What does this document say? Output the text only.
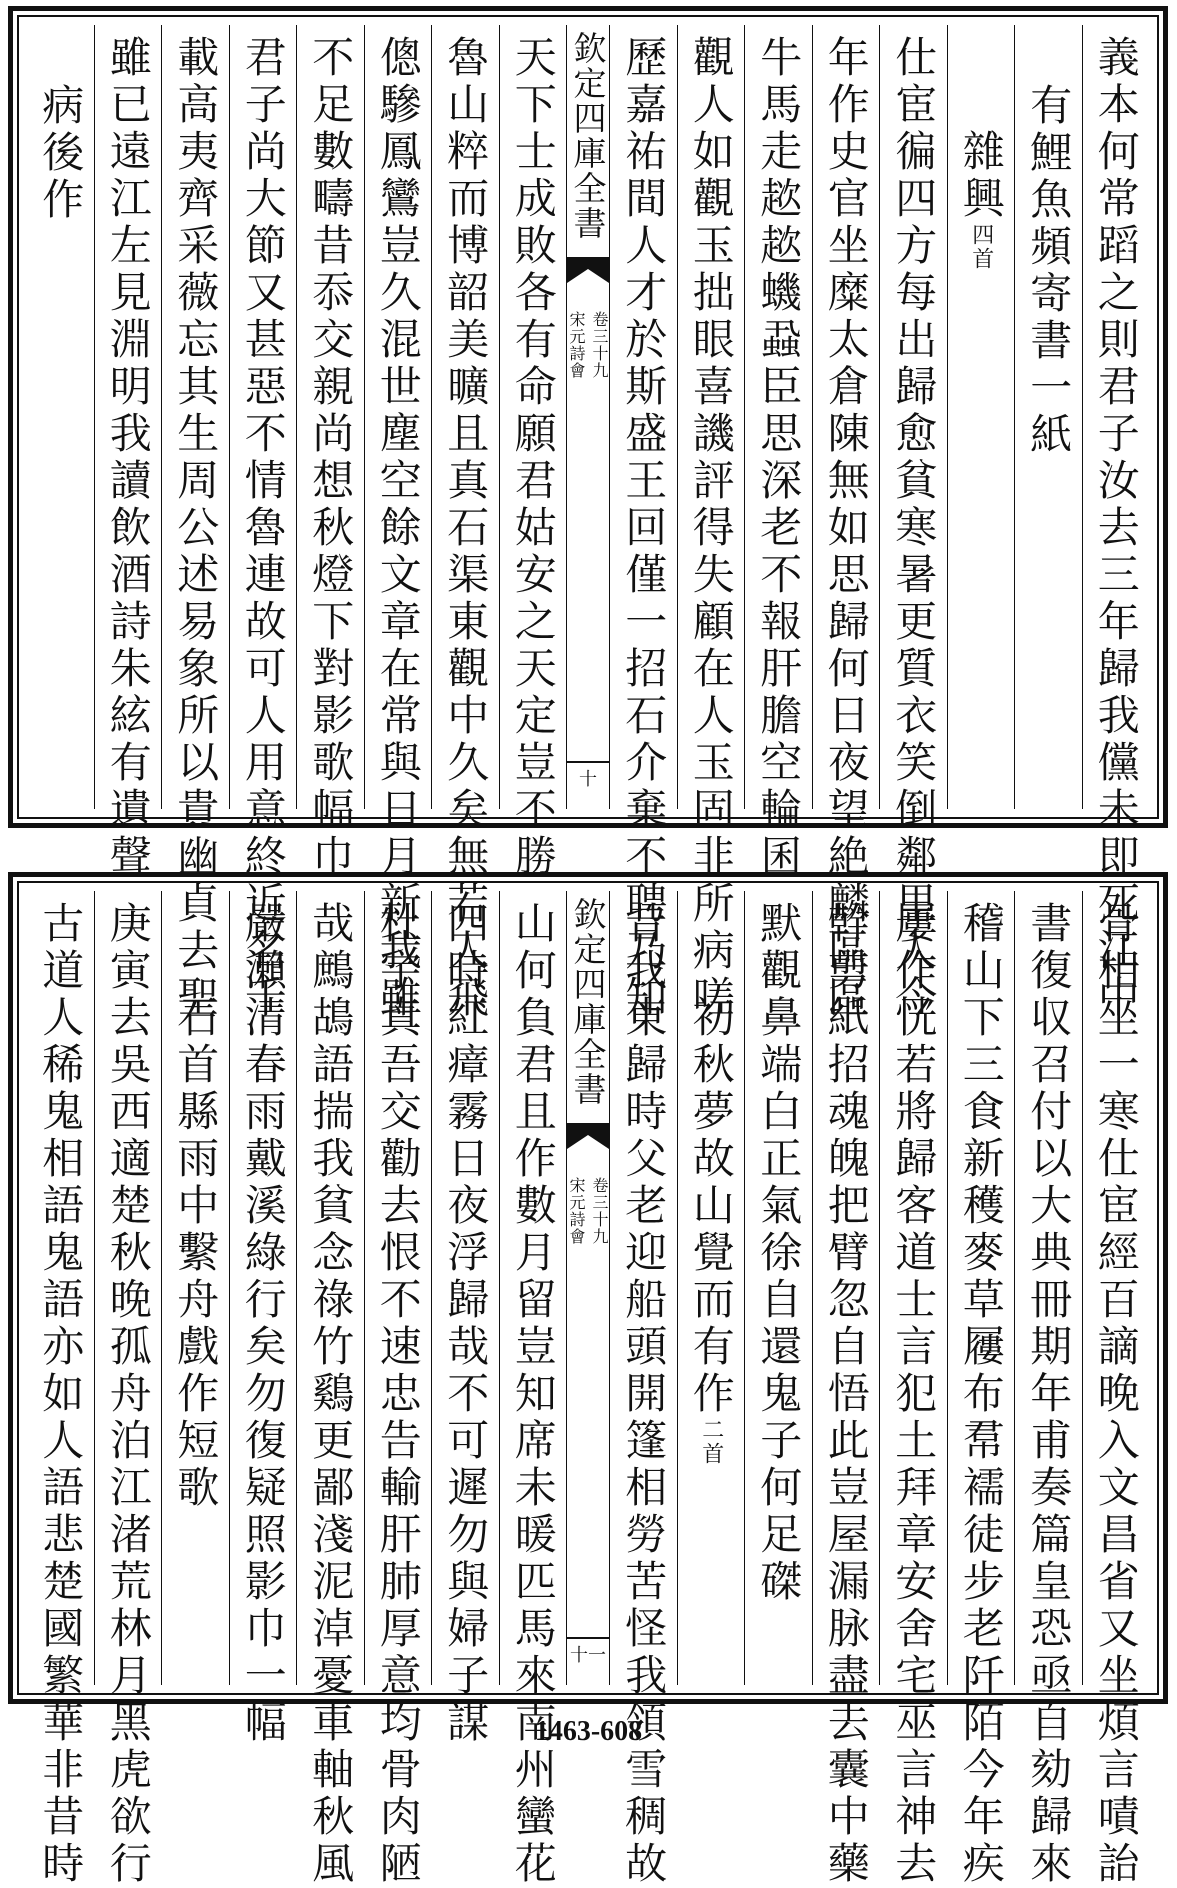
義本何常蹈之則君子汝去三年歸我儻未即死江中
有鯉魚頻寄書一紙
雜興四首
仕宦徧四方每出歸愈貧寒暑更質衣笑倒鄰里人今
年作史官坐糜太倉陳無如思歸何日夜望絶麟區區
牛馬走趑趑蟣蝨臣思深老不報肝膽空輪囷
觀人如觀玉拙眼喜譏評得失顧在人玉固非所病嗟
歷嘉祐間人才於斯盛王回僅一招石介棄不聘乃知
欽定四庫全書
宋元詩會 卷三十九
十
天下士成敗各有命願君姑安之天定豈不勝
魯山粹而博韶美曠且真石渠東觀中久矣無若人飛
傯驂鳳鸞豈久混世塵空餘文章在常與日月新我雖
不足數疇昔忝交親尚想秋燈下對影歌幅巾
君子尚大節又甚惡不情魯連故可人用意終近名千
載高夷齊采薇忘其生周公述易象所以貴幽貞去聖
雖已遠江左見淵明我讀飲酒詩朱絃有遺聲
病後作
骨相坐一寒仕宦經百謫晚入文昌省又坐煩言嘖詒
書復収召付以大典冊期年甫奏篇皇恐亟自劾歸來
稽山下三食新穫麥草屨布帬襦徒步老阡陌今年疾
屢作恍若將歸客道士言犯土拜章安舍宅巫言神去
幹剪紙招魂魄把臂忽自悟此豈屋漏脉盡去囊中藥
默觀鼻端白正氣徐自還鬼子何足磔
初秋夢故山覺而有作二首
昔我東歸時父老迎船頭開篷相勞苦怪我領雪稠故
欽定四庫全書
宋元詩會 卷三十九
十一
山何負君且作數月留豈知席未暖匹馬來南州蠻花
四時紅瘴霧日夜浮歸哉不可遲勿與婦子謀
杜宇真吾交勸去恨不速忠告輸肝肺厚意均骨肉陋
哉鷓鴣語揣我貧念祿竹鷄更鄙淺泥淖憂車軸秋風
嚴瀨清春雨戴溪綠行矣勿復疑照影巾一幅
石首縣雨中繫舟戲作短歌
庚寅去吳西適楚秋晚孤舟泊江渚荒林月黑虎欲行
古道人稀鬼相語鬼語亦如人語悲楚國繁華非昔時	1463-608
